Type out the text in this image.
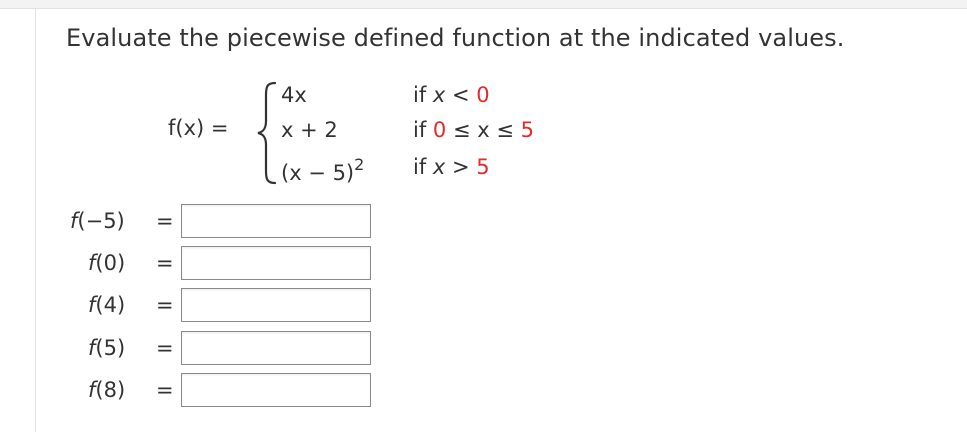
Evaluate the piecewise defined function at the indicated values.
f(x) =
4x	if x < 0
x + 2	if 0 ≤ x ≤ 5
$(x - 5)^2$ if x > 5
f(−5) =
f(0) =
f(4) =
f(5) =
f(8) =
